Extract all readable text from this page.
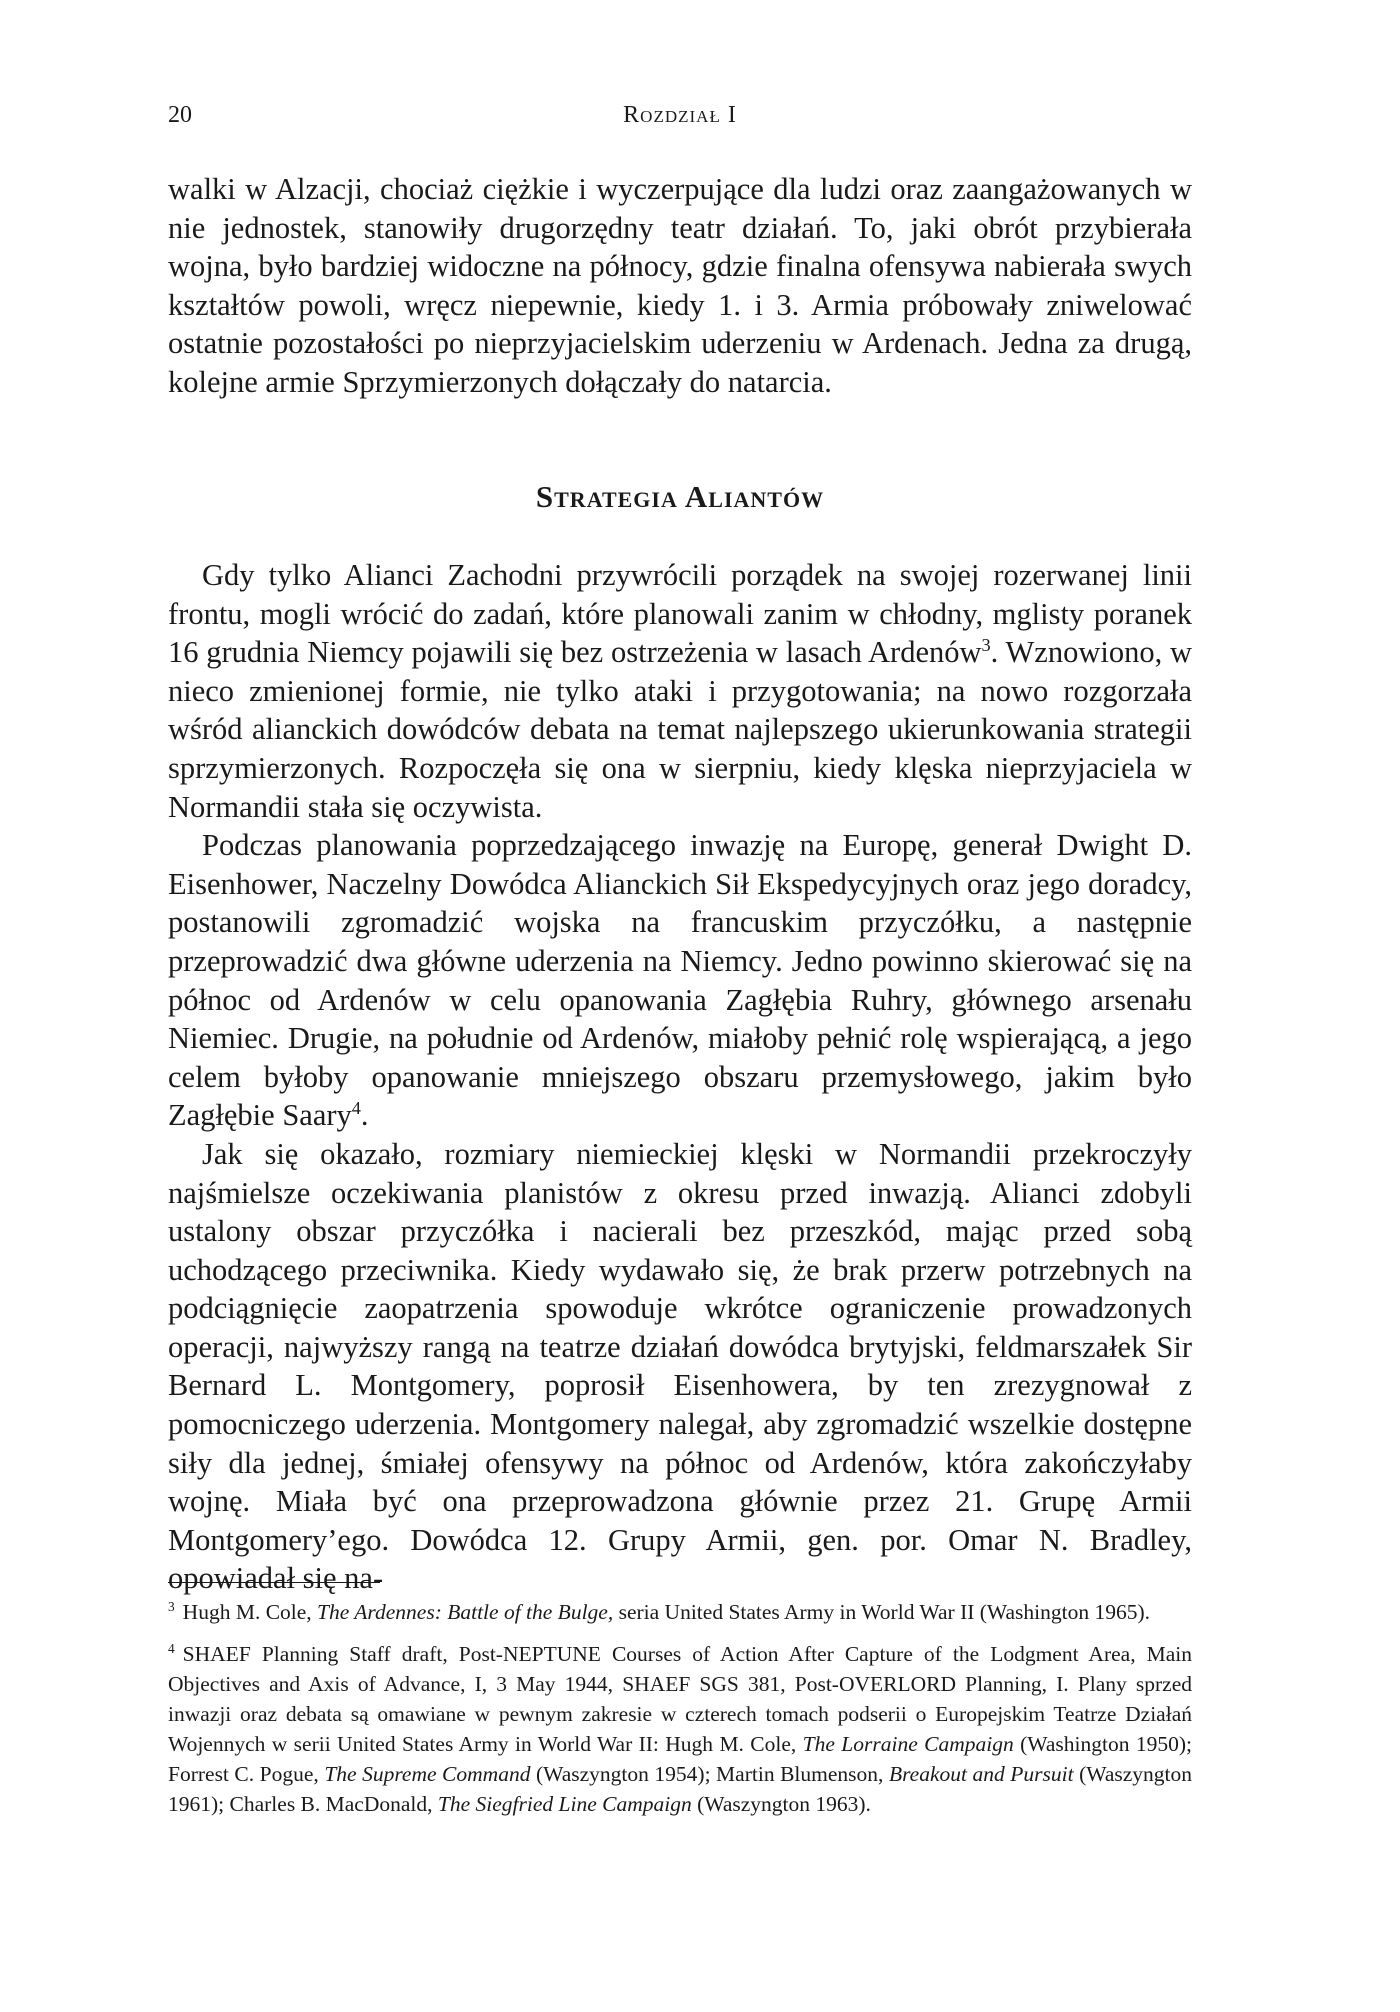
20	Rozdział I

walki w Alzacji, chociaż ciężkie i wyczerpujące dla ludzi oraz zaangażowanych w nie jednostek, stanowiły drugorzędny teatr działań. To, jaki obrót przybierała wojna, było bardziej widoczne na północy, gdzie finalna ofensywa nabierała swych kształtów powoli, wręcz niepewnie, kiedy 1. i 3. Armia próbowały zniwelować ostatnie pozostałości po nieprzyjacielskim uderzeniu w Ardenach. Jedna za drugą, kolejne armie Sprzymierzonych dołączały do natarcia.

Strategia Aliantów

Gdy tylko Alianci Zachodni przywrócili porządek na swojej rozerwanej linii frontu, mogli wrócić do zadań, które planowali zanim w chłodny, mglisty poranek 16 grudnia Niemcy pojawili się bez ostrzeżenia w lasach Ardenów$^3$. Wznowiono, w nieco zmienionej formie, nie tylko ataki i przygotowania; na nowo rozgorzała wśród alianckich dowódców debata na temat najlepszego ukierunkowania strategii sprzymierzonych. Rozpoczęła się ona w sierpniu, kiedy klęska nieprzyjaciela w Normandii stała się oczywista.

Podczas planowania poprzedzającego inwazję na Europę, generał Dwight D. Eisenhower, Naczelny Dowódca Alianckich Sił Ekspedycyjnych oraz jego doradcy, postanowili zgromadzić wojska na francuskim przyczółku, a następnie przeprowadzić dwa główne uderzenia na Niemcy. Jedno powinno skierować się na północ od Ardenów w celu opanowania Zagłębia Ruhry, głównego arsenału Niemiec. Drugie, na południe od Ardenów, miałoby pełnić rolę wspierającą, a jego celem byłoby opanowanie mniejszego obszaru przemysłowego, jakim było Zagłębie Saary$^4$.

Jak się okazało, rozmiary niemieckiej klęski w Normandii przekroczyły najśmielsze oczekiwania planistów z okresu przed inwazją. Alianci zdobyli ustalony obszar przyczółka i nacierali bez przeszkód, mając przed sobą uchodzącego przeciwnika. Kiedy wydawało się, że brak przerw potrzebnych na podciągnięcie zaopatrzenia spowoduje wkrótce ograniczenie prowadzonych operacji, najwyższy rangą na teatrze działań dowódca brytyjski, feldmarszałek Sir Bernard L. Montgomery, poprosił Eisenhowera, by ten zrezygnował z pomocniczego uderzenia. Montgomery nalegał, aby zgromadzić wszelkie dostępne siły dla jednej, śmiałej ofensywy na północ od Ardenów, która zakończyłaby wojnę. Miała być ona przeprowadzona głównie przez 21. Grupę Armii Montgomery’ego. Dowódca 12. Grupy Armii, gen. por. Omar N. Bradley, opowiadał się na-

$^3$ Hugh M. Cole, The Ardennes: Battle of the Bulge, seria United States Army in World War II (Washington 1965).

$^4$ SHAEF Planning Staff draft, Post-NEPTUNE Courses of Action After Capture of the Lodgment Area, Main Objectives and Axis of Advance, I, 3 May 1944, SHAEF SGS 381, Post-OVERLORD Planning, I. Plany sprzed inwazji oraz debata są omawiane w pewnym zakresie w czterech tomach podserii o Europejskim Teatrze Działań Wojennych w serii United States Army in World War II: Hugh M. Cole, The Lorraine Campaign (Washington 1950); Forrest C. Pogue, The Supreme Command (Waszyngton 1954); Martin Blumenson, Breakout and Pursuit (Waszyngton 1961); Charles B. MacDonald, The Siegfried Line Campaign (Waszyngton 1963).
